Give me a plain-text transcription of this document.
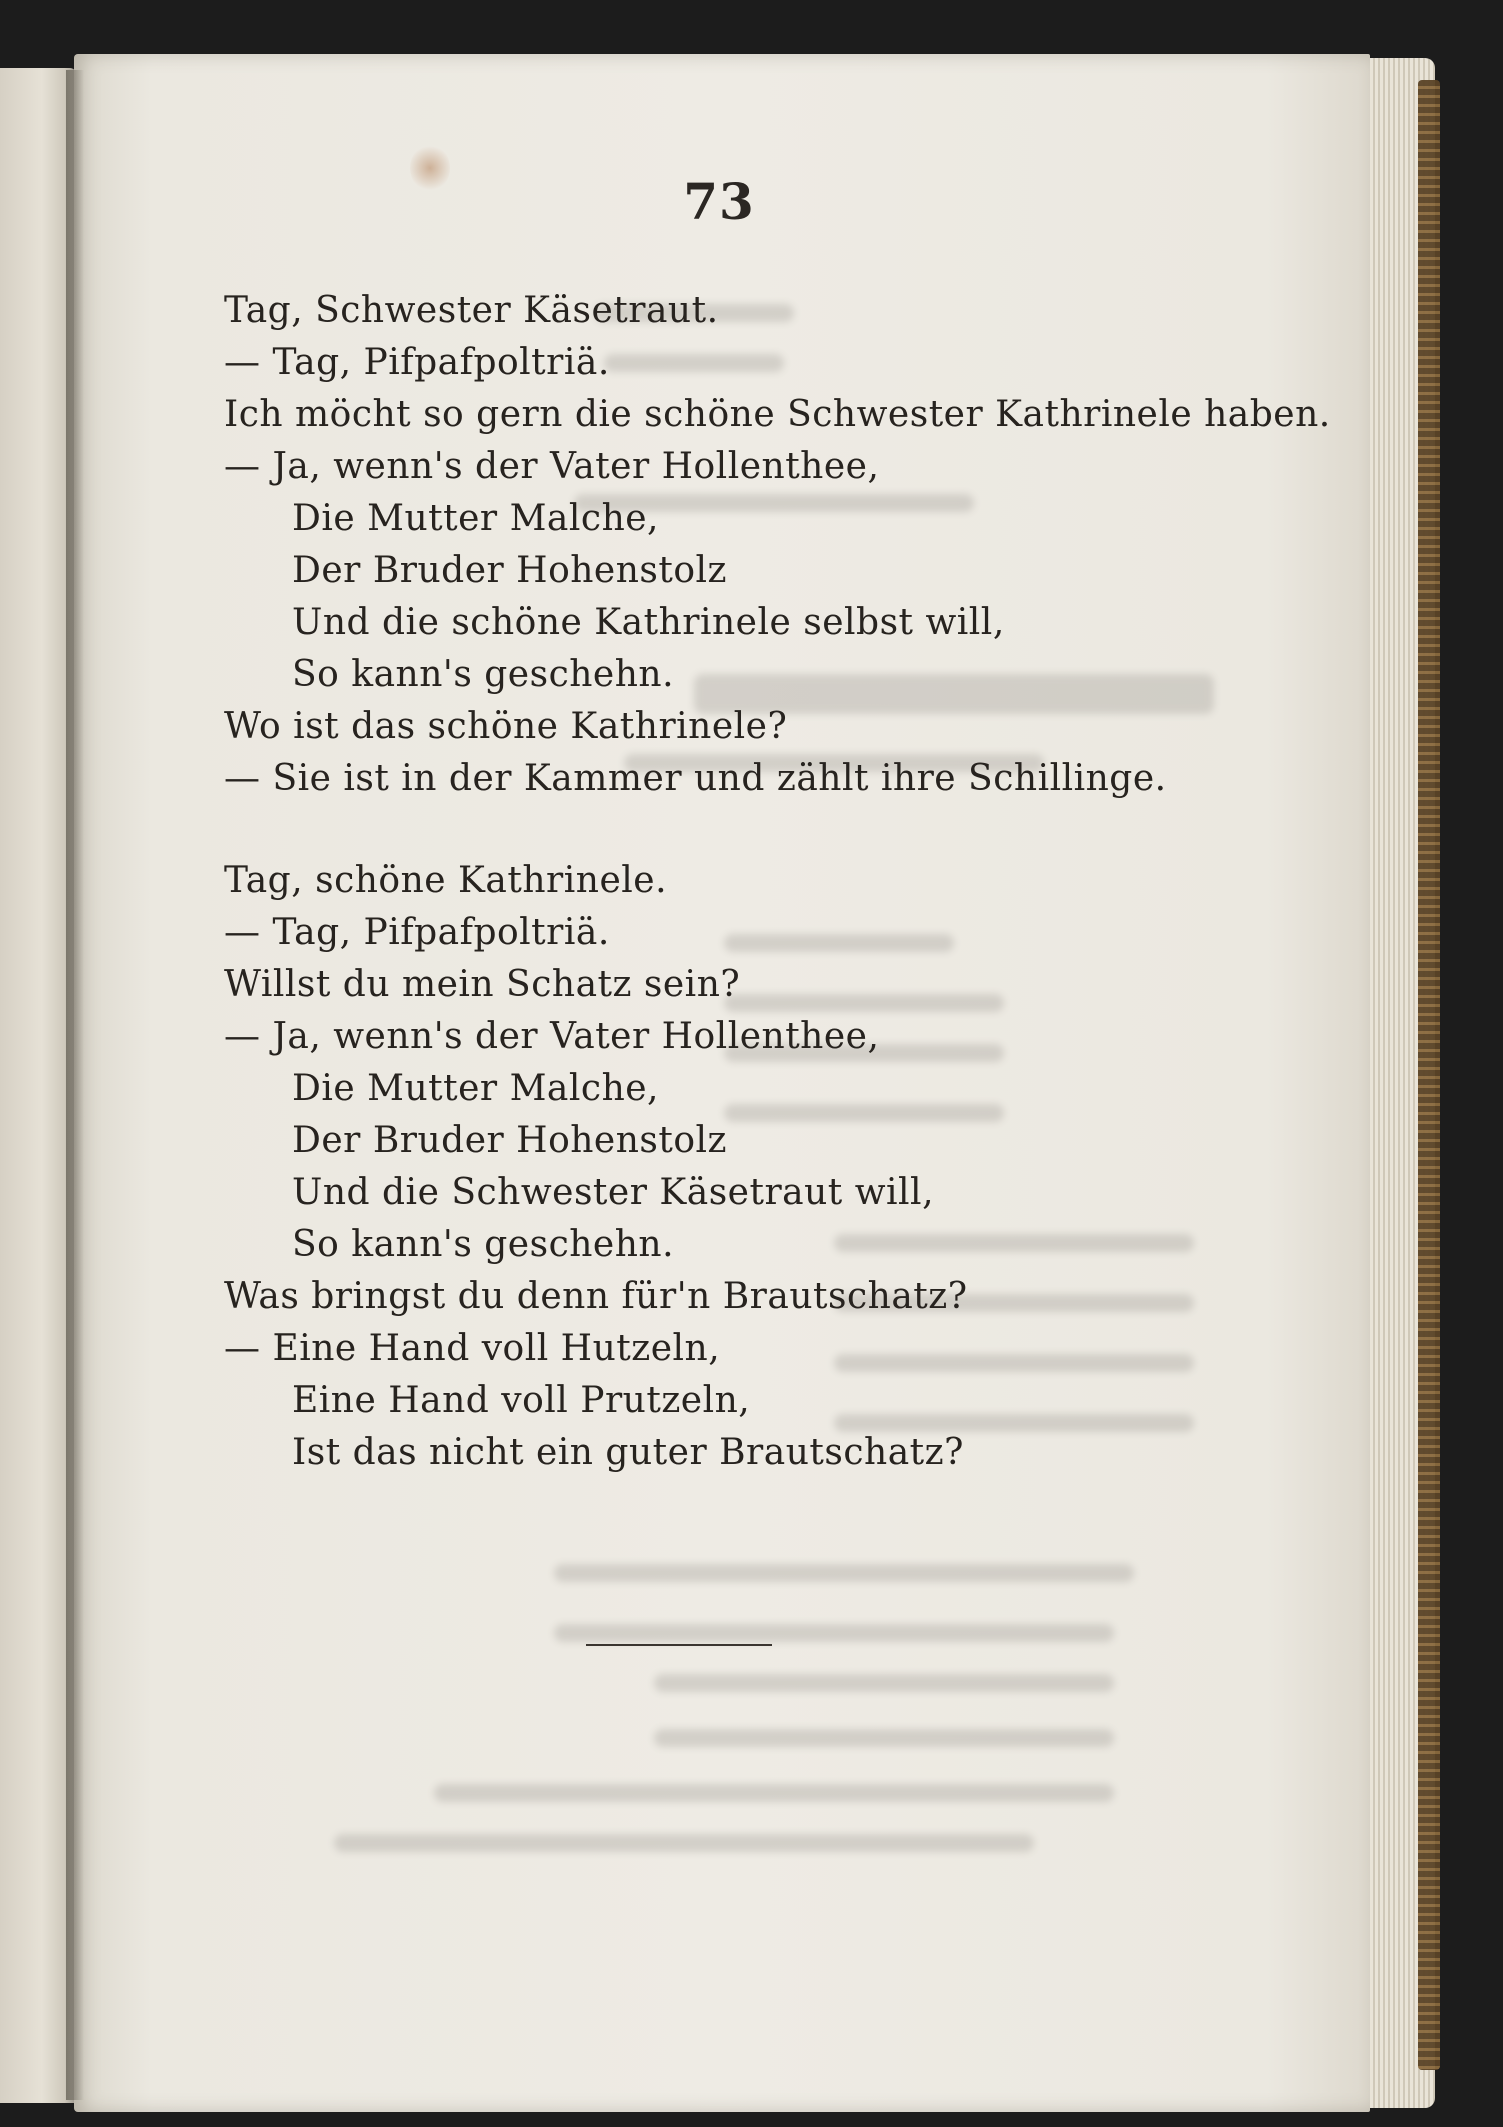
73
Tag, Schwester Käsetraut.
— Tag, Pifpafpoltriä.
Ich möcht so gern die schöne Schwester Kathrinele haben.
— Ja, wenn's der Vater Hollenthee,
Die Mutter Malche,
Der Bruder Hohenstolz
Und die schöne Kathrinele selbst will,
So kann's geschehn.
Wo ist das schöne Kathrinele?
— Sie ist in der Kammer und zählt ihre Schillinge.
Tag, schöne Kathrinele.
— Tag, Pifpafpoltriä.
Willst du mein Schatz sein?
— Ja, wenn's der Vater Hollenthee,
Die Mutter Malche,
Der Bruder Hohenstolz
Und die Schwester Käsetraut will,
So kann's geschehn.
Was bringst du denn für'n Brautschatz?
— Eine Hand voll Hutzeln,
Eine Hand voll Prutzeln,
Ist das nicht ein guter Brautschatz?
